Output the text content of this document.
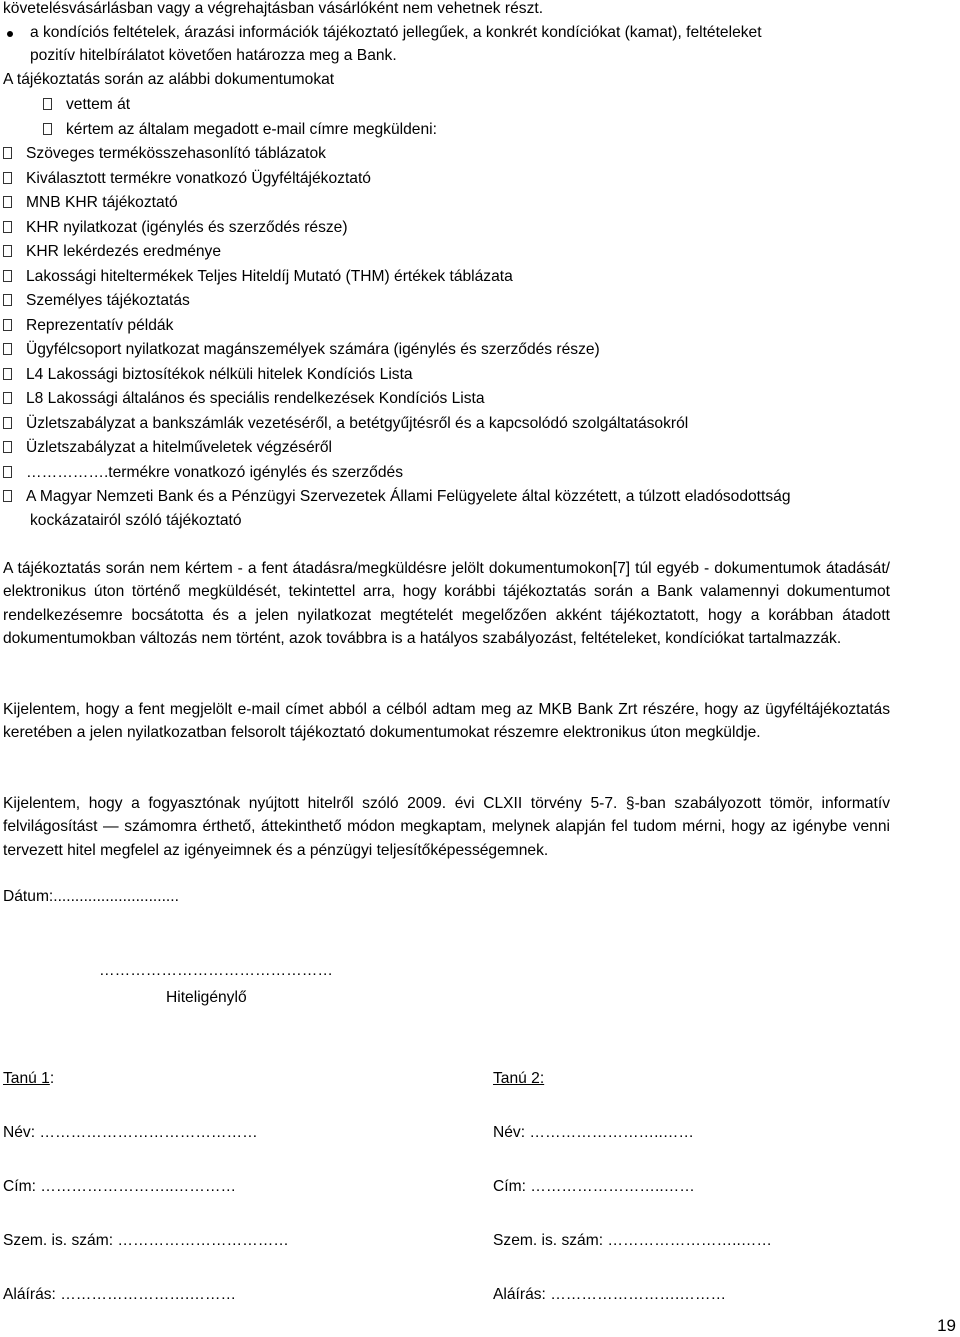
követelésvásárlásban vagy a végrehajtásban vásárlóként nem vehetnek részt.
a kondíciós feltételek, árazási információk tájékoztató jellegűek, a konkrét kondíciókat (kamat), feltételeket
pozitív hitelbírálatot követően határozza meg a Bank.
A tájékoztatás során az alábbi dokumentumokat
vettem át
kértem az általam megadott e-mail címre megküldeni:
Szöveges termékösszehasonlító táblázatok
Kiválasztott termékre vonatkozó Ügyféltájékoztató
MNB KHR tájékoztató
KHR nyilatkozat (igénylés és szerződés része)
KHR lekérdezés eredménye
Lakossági hiteltermékek Teljes Hiteldíj Mutató (THM) értékek táblázata
Személyes tájékoztatás
Reprezentatív példák
Ügyfélcsoport nyilatkozat magánszemélyek számára (igénylés és szerződés része)
L4 Lakossági biztosítékok nélküli hitelek Kondíciós Lista
L8 Lakossági általános és speciális rendelkezések Kondíciós Lista
Üzletszabályzat a bankszámlák vezetéséről, a betétgyűjtésről és a kapcsolódó szolgáltatásokról
Üzletszabályzat a hitelműveletek végzéséről
…………….termékre vonatkozó igénylés és szerződés
A Magyar Nemzeti Bank és a Pénzügyi Szervezetek Állami Felügyelete által közzétett, a túlzott eladósodottság
kockázatairól szóló tájékoztató
A tájékoztatás során nem kértem - a fent átadásra/megküldésre jelölt dokumentumokon[7] túl egyéb - dokumentumok átadását/ elektronikus úton történő megküldését, tekintettel arra, hogy korábbi tájékoztatás során a Bank valamennyi dokumentumot rendelkezésemre bocsátotta és a jelen nyilatkozat megtételét megelőzően akként tájékoztatott, hogy a korábban átadott dokumentumokban változás nem történt, azok továbbra is a hatályos szabályozást, feltételeket, kondíciókat tartalmazzák.
Kijelentem, hogy a fent megjelölt e-mail címet abból a célból adtam meg az MKB Bank Zrt részére, hogy az ügyféltájékoztatás keretében a jelen nyilatkozatban felsorolt tájékoztató dokumentumokat részemre elektronikus úton megküldje.
Kijelentem, hogy a fogyasztónak nyújtott hitelről szóló 2009. évi CLXII törvény 5-7. §-ban szabályozott tömör, informatív felvilágosítást — számomra érthető, áttekinthető módon megkaptam, melynek alapján fel tudom mérni, hogy az igénybe venni tervezett hitel megfelel az igényeimnek és a pénzügyi teljesítőképességemnek.
Dátum:.............................
………………………………………
Hiteligénylő
Tanú 1:
Név: ……………………………………
Cím: ……………………..…………
Szem. is. szám: ……………………………
Aláírás: …………………….………
Tanú 2:
Név: ……………………..……
Cím: ……………………..……
Szem. is. szám: ……………………..……
Aláírás: …………………….………
19
